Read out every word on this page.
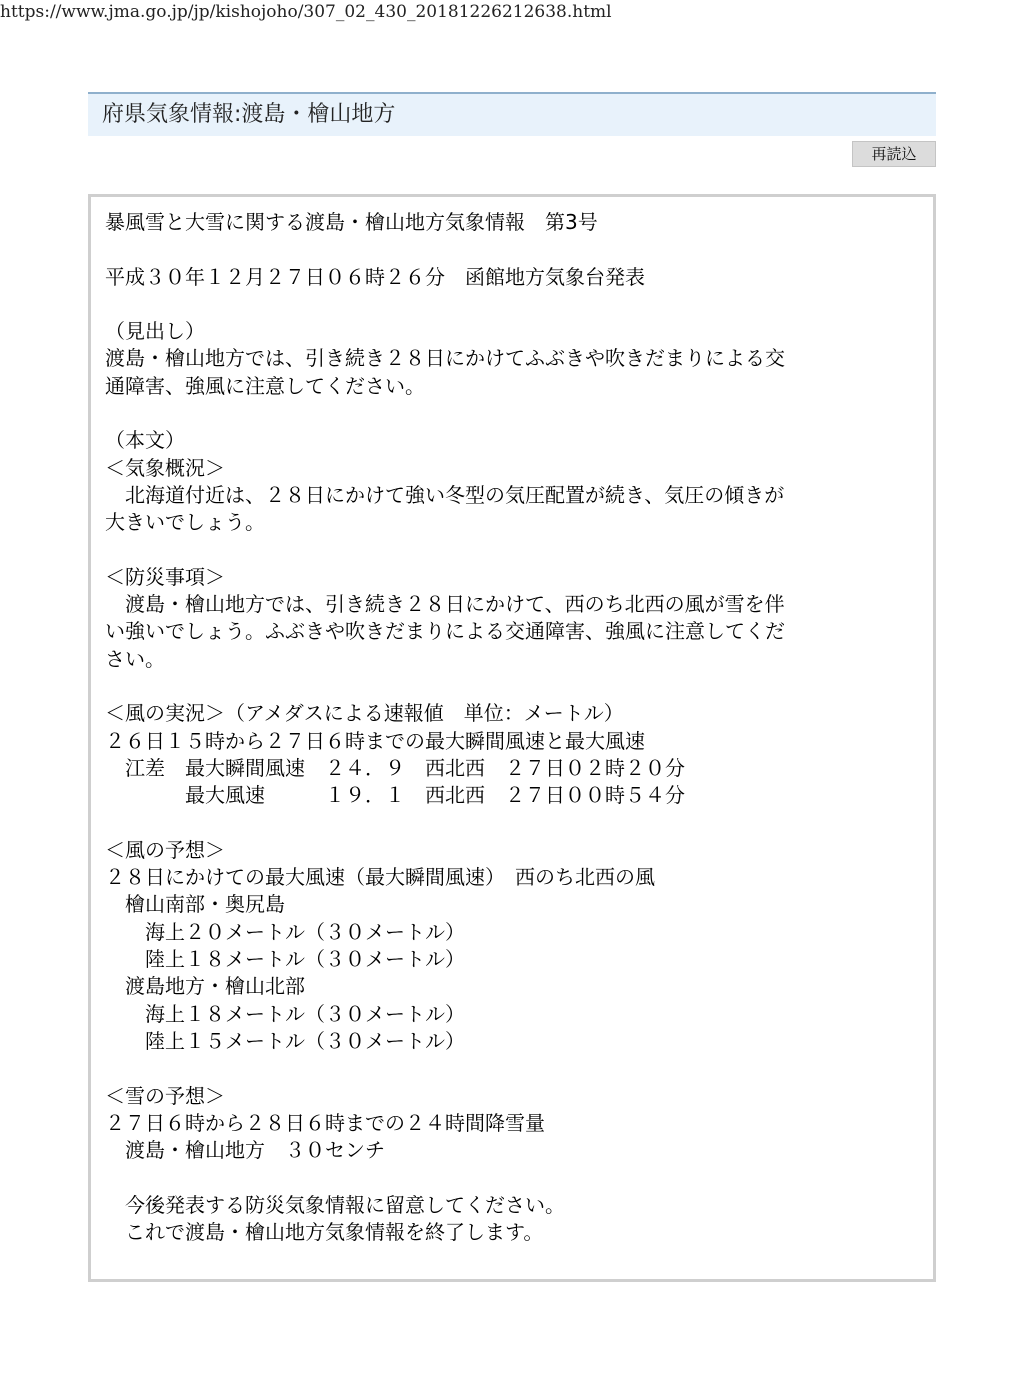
https://www.jma.go.jp/jp/kishojoho/307_02_430_20181226212638.html
府県気象情報:渡島・檜山地方
再読込
暴風雪と大雪に関する渡島・檜山地方気象情報　第3号
平成３０年１２月２７日０６時２６分　函館地方気象台発表
（見出し）
渡島・檜山地方では、引き続き２８日にかけてふぶきや吹きだまりによる交
通障害、強風に注意してください。
（本文）
＜気象概況＞
　北海道付近は、２８日にかけて強い冬型の気圧配置が続き、気圧の傾きが
大きいでしょう。
＜防災事項＞
　渡島・檜山地方では、引き続き２８日にかけて、西のち北西の風が雪を伴
い強いでしょう。ふぶきや吹きだまりによる交通障害、強風に注意してくだ
さい。
＜風の実況＞（アメダスによる速報値　単位：メートル）
２６日１５時から２７日６時までの最大瞬間風速と最大風速
　江差　最大瞬間風速　２４．９　西北西　２７日０２時２０分
　　　　最大風速　　　１９．１　西北西　２７日００時５４分
＜風の予想＞
２８日にかけての最大風速（最大瞬間風速）　西のち北西の風
　檜山南部・奥尻島
　　海上２０メートル（３０メートル）
　　陸上１８メートル（３０メートル）
　渡島地方・檜山北部
　　海上１８メートル（３０メートル）
　　陸上１５メートル（３０メートル）
＜雪の予想＞
２７日６時から２８日６時までの２４時間降雪量
　渡島・檜山地方　３０センチ
　今後発表する防災気象情報に留意してください。
　これで渡島・檜山地方気象情報を終了します。
